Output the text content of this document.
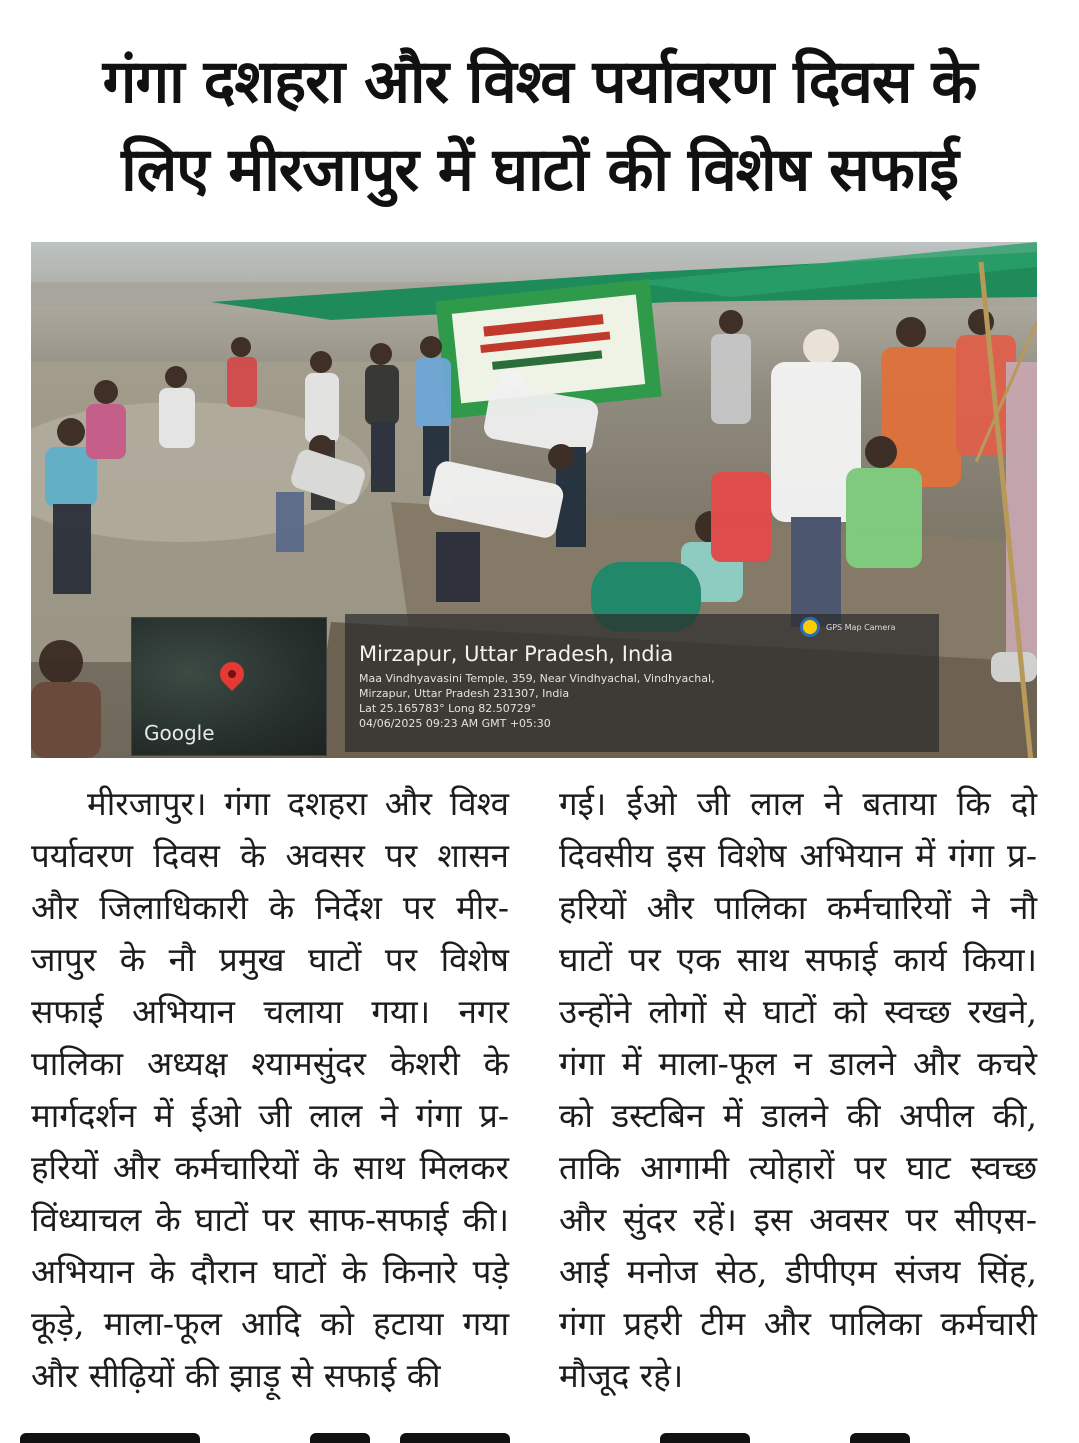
गंगा दशहरा और विश्व पर्यावरण दिवस के
लिए मीरजापुर में घाटों की विशेष सफाई
Google
GPS Map Camera
Mirzapur, Uttar Pradesh, India
Maa Vindhyavasini Temple, 359, Near Vindhyachal, Vindhyachal,
Mirzapur, Uttar Pradesh 231307, India
Lat 25.165783° Long 82.50729°
04/06/2025 09:23 AM GMT +05:30

मीरजापुर। गंगा दशहरा और विश्व पर्यावरण दिवस के अवसर पर शासन और जिलाधिकारी के निर्देश पर मीर-जापुर के नौ प्रमुख घाटों पर विशेष सफाई अभियान चलाया गया। नगर पालिका अध्यक्ष श्यामसुंदर केशरी के मार्गदर्शन में ईओ जी लाल ने गंगा प्र-हरियों और कर्मचारियों के साथ मिलकर विंध्याचल के घाटों पर साफ-सफाई की। अभियान के दौरान घाटों के किनारे पड़े कूड़े, माला-फूल आदि को हटाया गया और सीढ़ियों की झाड़ू से सफाई की

गई। ईओ जी लाल ने बताया कि दो दिवसीय इस विशेष अभियान में गंगा प्र-हरियों और पालिका कर्मचारियों ने नौ घाटों पर एक साथ सफाई कार्य किया। उन्होंने लोगों से घाटों को स्वच्छ रखने, गंगा में माला-फूल न डालने और कचरे को डस्टबिन में डालने की अपील की, ताकि आगामी त्योहारों पर घाट स्वच्छ और सुंदर रहें। इस अवसर पर सीएस-आई मनोज सेठ, डीपीएम संजय सिंह, गंगा प्रहरी टीम और पालिका कर्मचारी मौजूद रहे।
